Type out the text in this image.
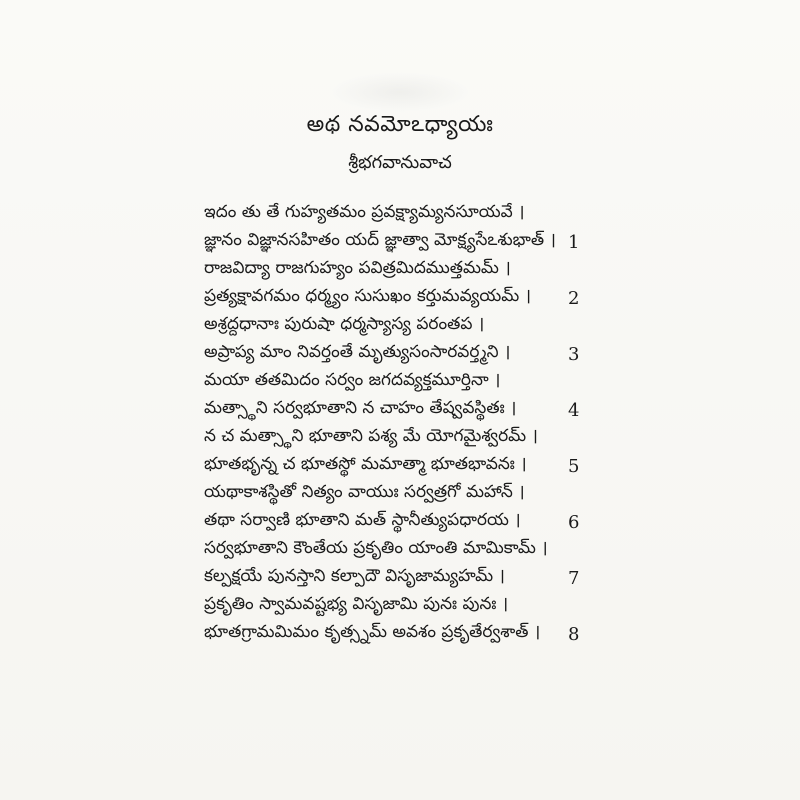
అథ నవమోఽధ్యాయః
శ్రీభగవానువాచ
ఇదం తు తే గుహ్యతమం ప్రవక్ష్యామ్యనసూయవే ।
జ్ఞానం విజ్ఞానసహితం యద్ జ్ఞాత్వా మోక్ష్యసేఽశుభాత్ । 1
రాజవిద్యా రాజగుహ్యం పవిత్రమిదముత్తమమ్ ।
ప్రత్యక్షావగమం ధర్మ్యం సుసుఖం కర్తుమవ్యయమ్ । 2
అశ్రద్దధానాః పురుషా ధర్మస్యాస్య పరంతప ।
అప్రాప్య మాం నివర్తంతే మృత్యుసంసారవర్త్మని ।	3
మయా తతమిదం సర్వం జగదవ్యక్తమూర్తినా ।
మత్స్థాని సర్వభూతాని న చాహం తేష్వవస్థితః ।	4
న చ మత్స్థాని భూతాని పశ్య మే యోగమైశ్వరమ్ ।
భూతభృన్న చ భూతస్థో మమాత్మా భూతభావనః । 5
యథాకాశస్థితో నిత్యం వాయుః సర్వత్రగో మహాన్ ।
తథా సర్వాణి భూతాని మత్ స్థానీత్యుపధారయ ।	6
సర్వభూతాని కౌంతేయ ప్రకృతిం యాంతి మామికామ్ ।
కల్పక్షయే పునస్తాని కల్పాదౌ విసృజామ్యహమ్ ।	7
ప్రకృతిం స్వామవష్టభ్య విసృజామి పునః పునః ।
భూతగ్రామమిమం కృత్స్నమ్ అవశం ప్రకృతేర్వశాత్ । 8
